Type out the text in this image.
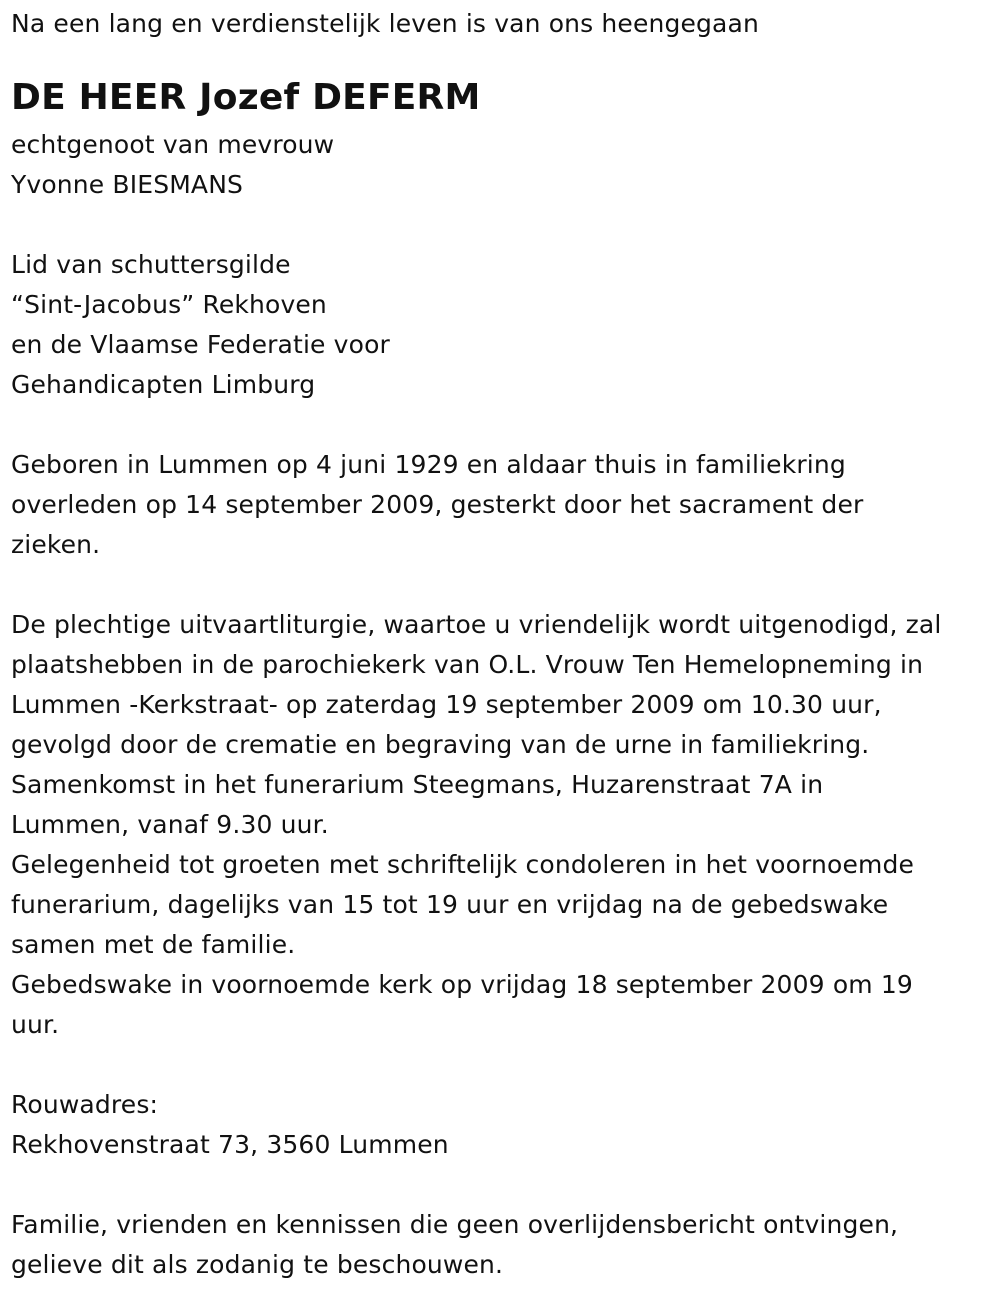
Na een lang en verdienstelijk leven is van ons heengegaan
DE HEER Jozef DEFERM
echtgenoot van mevrouw
Yvonne BIESMANS
Lid van schuttersgilde
“Sint-Jacobus” Rekhoven
en de Vlaamse Federatie voor
Gehandicapten Limburg
Geboren in Lummen op 4 juni 1929 en aldaar thuis in familiekring
overleden op 14 september 2009, gesterkt door het sacrament der
zieken.
De plechtige uitvaartliturgie, waartoe u vriendelijk wordt uitgenodigd, zal
plaatshebben in de parochiekerk van O.L. Vrouw Ten Hemelopneming in
Lummen -Kerkstraat- op zaterdag 19 september 2009 om 10.30 uur,
gevolgd door de crematie en begraving van de urne in familiekring.
Samenkomst in het funerarium Steegmans, Huzarenstraat 7A in
Lummen, vanaf 9.30 uur.
Gelegenheid tot groeten met schriftelijk condoleren in het voornoemde
funerarium, dagelijks van 15 tot 19 uur en vrijdag na de gebedswake
samen met de familie.
Gebedswake in voornoemde kerk op vrijdag 18 september 2009 om 19
uur.
Rouwadres:
Rekhovenstraat 73, 3560 Lummen
Familie, vrienden en kennissen die geen overlijdensbericht ontvingen,
gelieve dit als zodanig te beschouwen.
